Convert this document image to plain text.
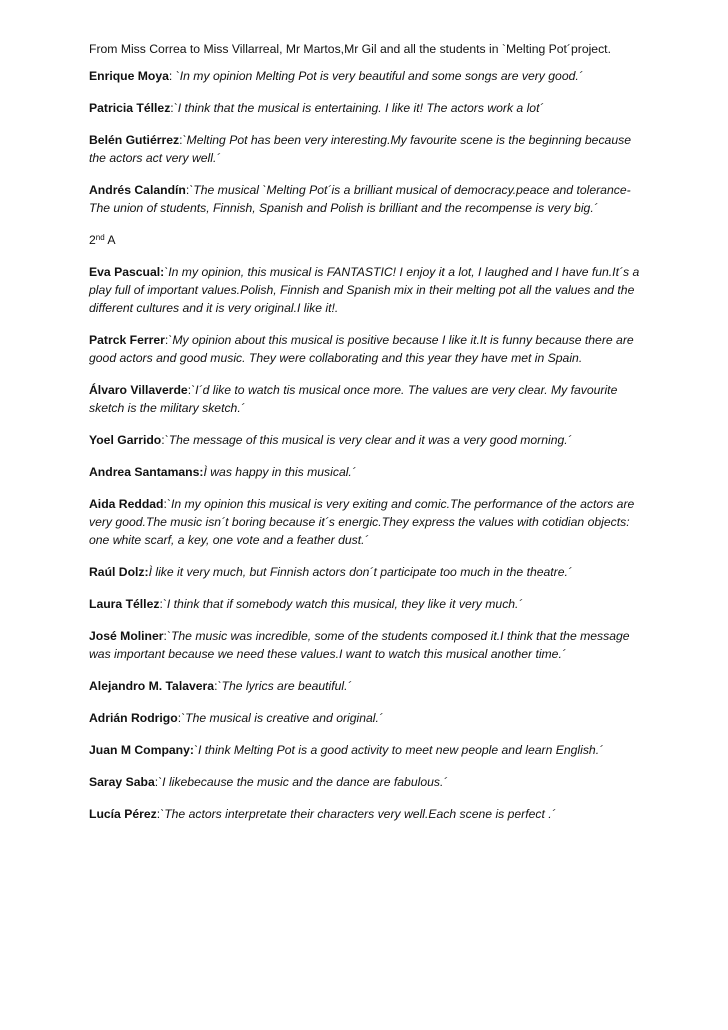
From Miss Correa to Miss Villarreal, Mr Martos,Mr Gil and all the students in `Melting Pot´project.

Enrique Moya: `In my opinion Melting Pot is very beautiful and some songs are very good.´

Patricia Téllez:`I think that the musical is entertaining. I like it! The actors work a lot´

Belén Gutiérrez:`Melting Pot has been very interesting.My favourite scene is the beginning because the actors act very well.´

Andrés Calandín:`The musical `Melting Pot´is a brilliant musical of democracy.peace and tolerance- The union of students, Finnish, Spanish and Polish is brilliant and the recompense is very big.´

2nd A

Eva Pascual:`In my opinion, this musical is FANTASTIC! I enjoy it a lot, I laughed and I have fun.It´s a play full of important values.Polish, Finnish and Spanish mix in their melting pot all the values and the different cultures and it is very original.I like it!.

Patrck Ferrer:`My opinion about this musical is positive because I like it.It is funny because there are good actors and good music. They were collaborating and this year they have met in Spain.

Álvaro Villaverde:`I´d like to watch tis musical once more. The values are very clear. My favourite sketch is the military sketch.´

Yoel Garrido:`The message of this musical is very clear and it was a very good morning.´

Andrea Santamans:Ì was happy in this musical.´

Aida Reddad:`In my opinion this musical is very exiting and comic.The performance of the actors are very good.The music isn´t boring because it´s energic.They express the values with cotidian objects: one white scarf, a key, one vote and a feather dust.´

Raúl Dolz:Ì like it very much, but Finnish actors don´t participate too much in the theatre.´

Laura Téllez:`I think that if somebody watch this musical, they like it very much.´

José Moliner:`The music was incredible, some of the students composed it.I think that the message was important because we need these values.I want to watch this musical another time.´

Alejandro M. Talavera:`The lyrics are beautiful.´

Adrián Rodrigo:`The musical is creative and original.´

Juan M Company:`I think Melting Pot is a good activity to meet new people and learn English.´

Saray Saba:`I likebecause the music and the dance are fabulous.´

Lucía Pérez:`The actors interpretate their characters very well.Each scene is perfect .´
